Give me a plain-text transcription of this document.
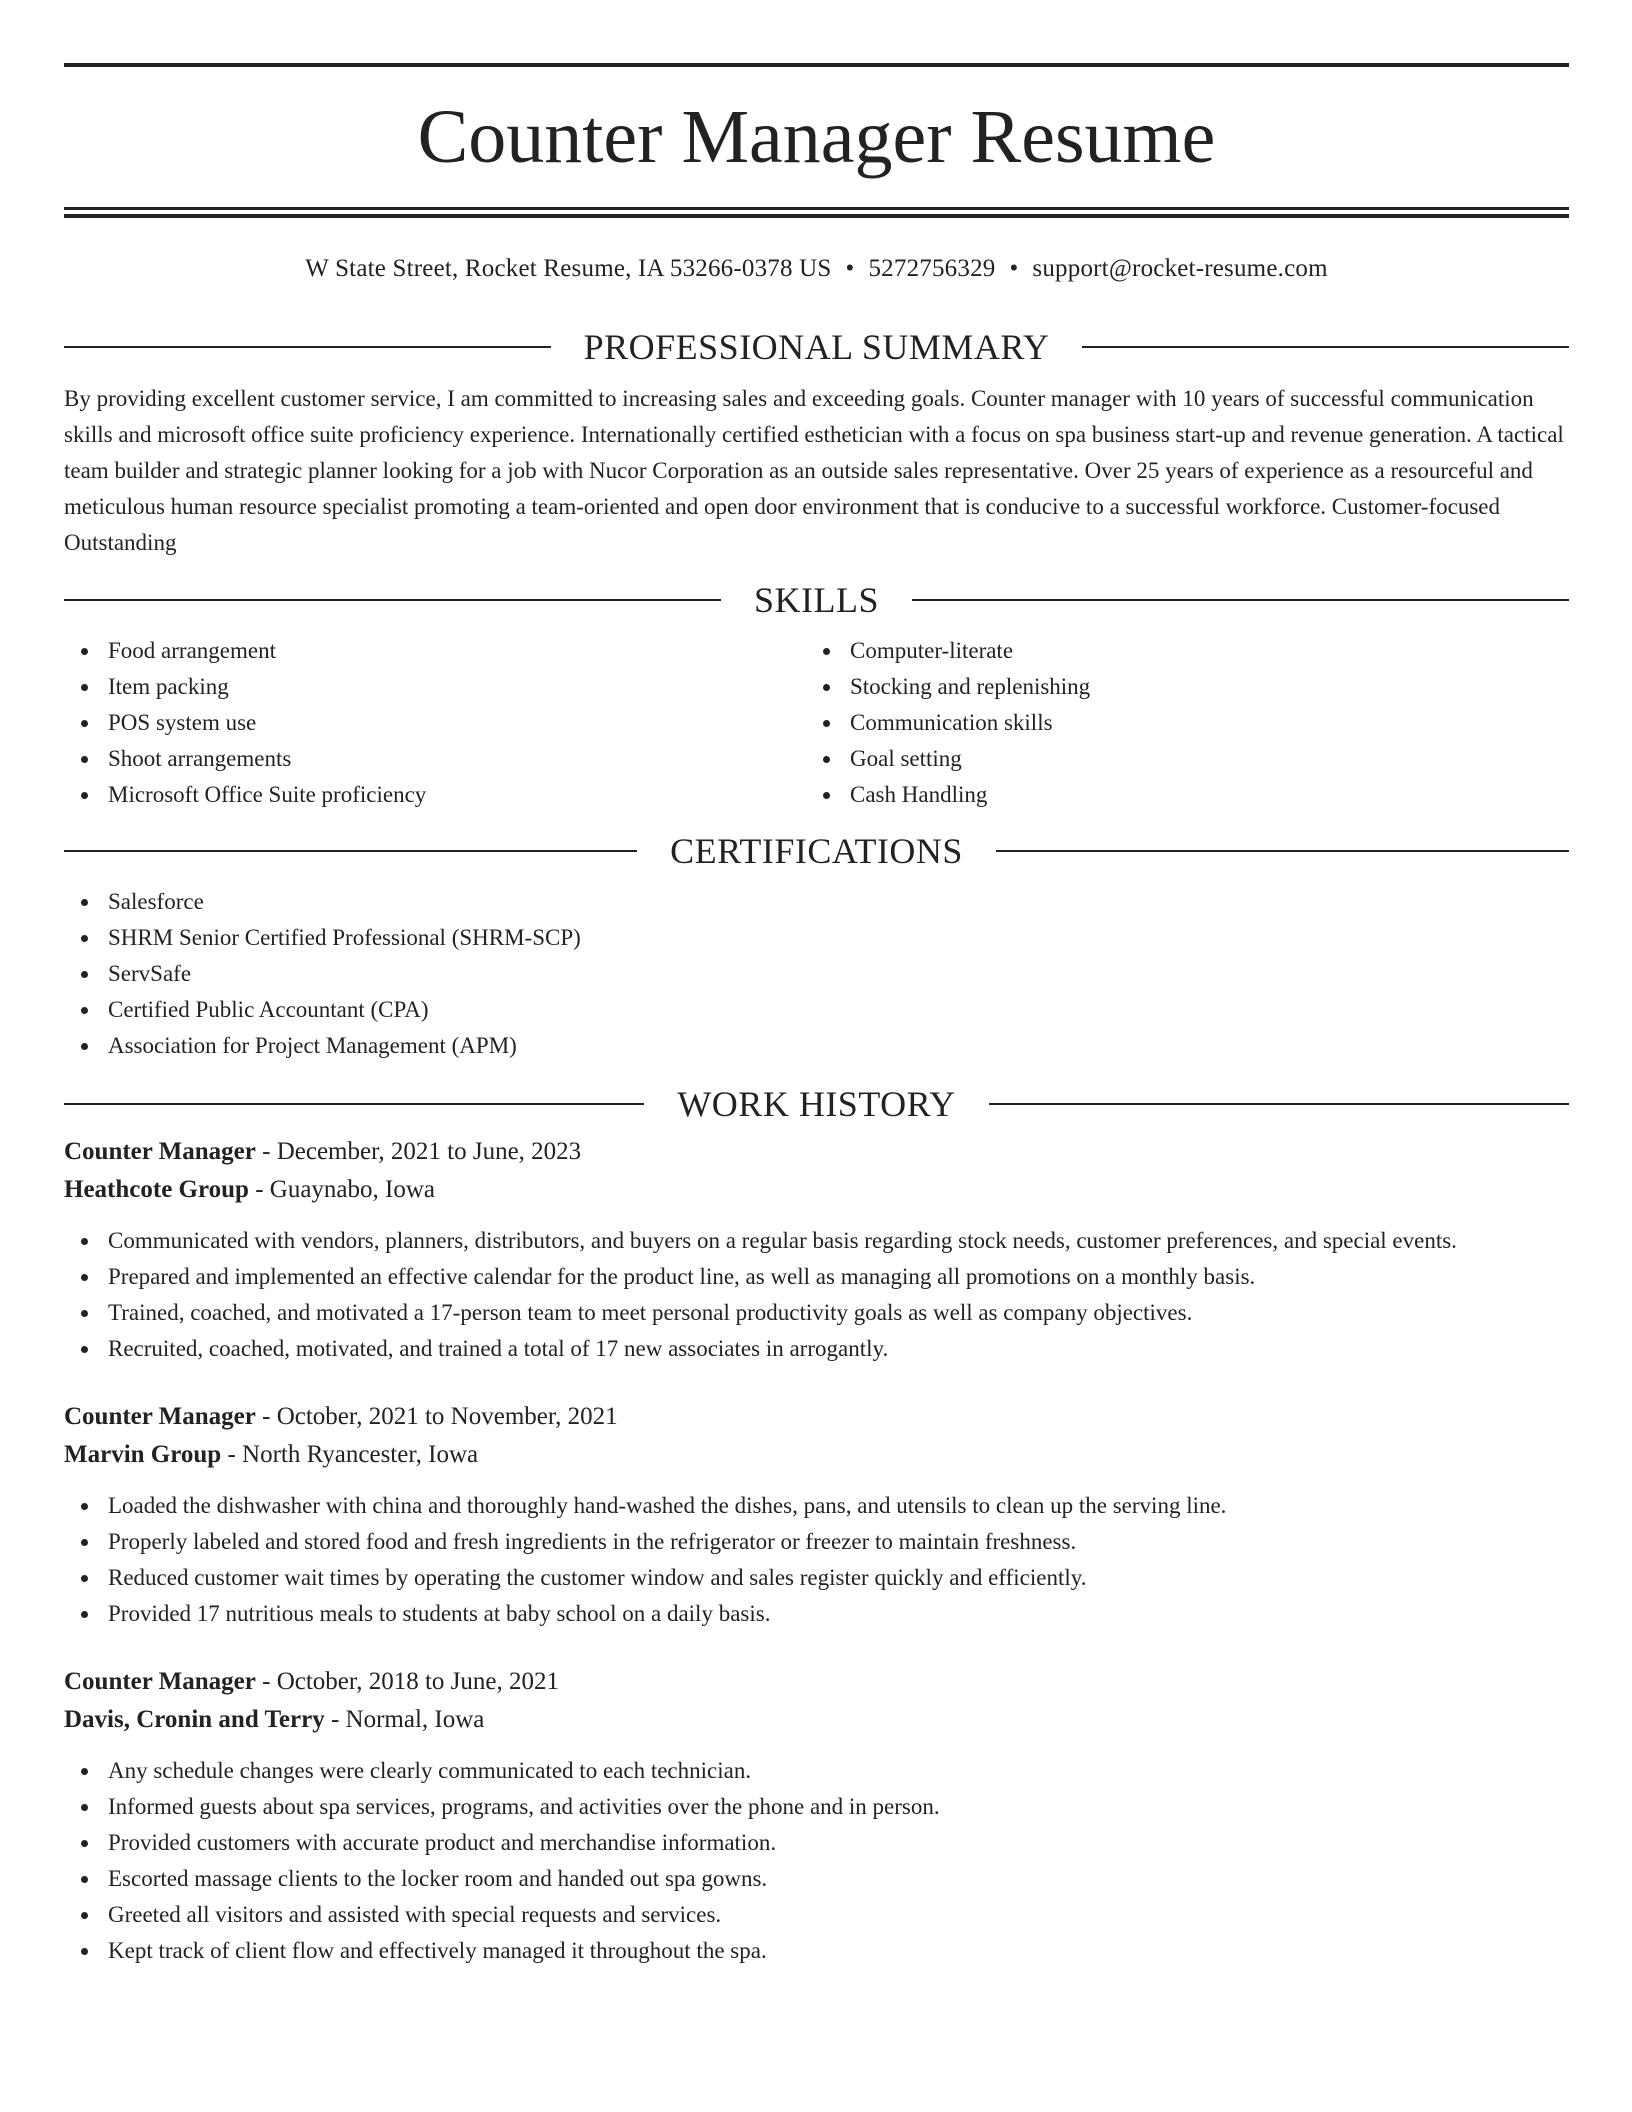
Counter Manager Resume
W State Street, Rocket Resume, IA 53266-0378 US • 5272756329 • support@rocket-resume.com
PROFESSIONAL SUMMARY

By providing excellent customer service, I am committed to increasing sales and exceeding goals. Counter manager with 10 years of successful communication skills and microsoft office suite proficiency experience. Internationally certified esthetician with a focus on spa business start-up and revenue generation. A tactical team builder and strategic planner looking for a job with Nucor Corporation as an outside sales representative. Over 25 years of experience as a resourceful and meticulous human resource specialist promoting a team-oriented and open door environment that is conducive to a successful workforce. Customer-focused Outstanding

SKILLS
Food arrangement
Item packing
POS system use
Shoot arrangements
Microsoft Office Suite proficiency
Computer-literate
Stocking and replenishing
Communication skills
Goal setting
Cash Handling
CERTIFICATIONS
Salesforce
SHRM Senior Certified Professional (SHRM-SCP)
ServSafe
Certified Public Accountant (CPA)
Association for Project Management (APM)
WORK HISTORY
Counter Manager - December, 2021 to June, 2023
Heathcote Group - Guaynabo, Iowa
Communicated with vendors, planners, distributors, and buyers on a regular basis regarding stock needs, customer preferences, and special events.
Prepared and implemented an effective calendar for the product line, as well as managing all promotions on a monthly basis.
Trained, coached, and motivated a 17-person team to meet personal productivity goals as well as company objectives.
Recruited, coached, motivated, and trained a total of 17 new associates in arrogantly.
Counter Manager - October, 2021 to November, 2021
Marvin Group - North Ryancester, Iowa
Loaded the dishwasher with china and thoroughly hand-washed the dishes, pans, and utensils to clean up the serving line.
Properly labeled and stored food and fresh ingredients in the refrigerator or freezer to maintain freshness.
Reduced customer wait times by operating the customer window and sales register quickly and efficiently.
Provided 17 nutritious meals to students at baby school on a daily basis.
Counter Manager - October, 2018 to June, 2021
Davis, Cronin and Terry - Normal, Iowa
Any schedule changes were clearly communicated to each technician.
Informed guests about spa services, programs, and activities over the phone and in person.
Provided customers with accurate product and merchandise information.
Escorted massage clients to the locker room and handed out spa gowns.
Greeted all visitors and assisted with special requests and services.
Kept track of client flow and effectively managed it throughout the spa.
